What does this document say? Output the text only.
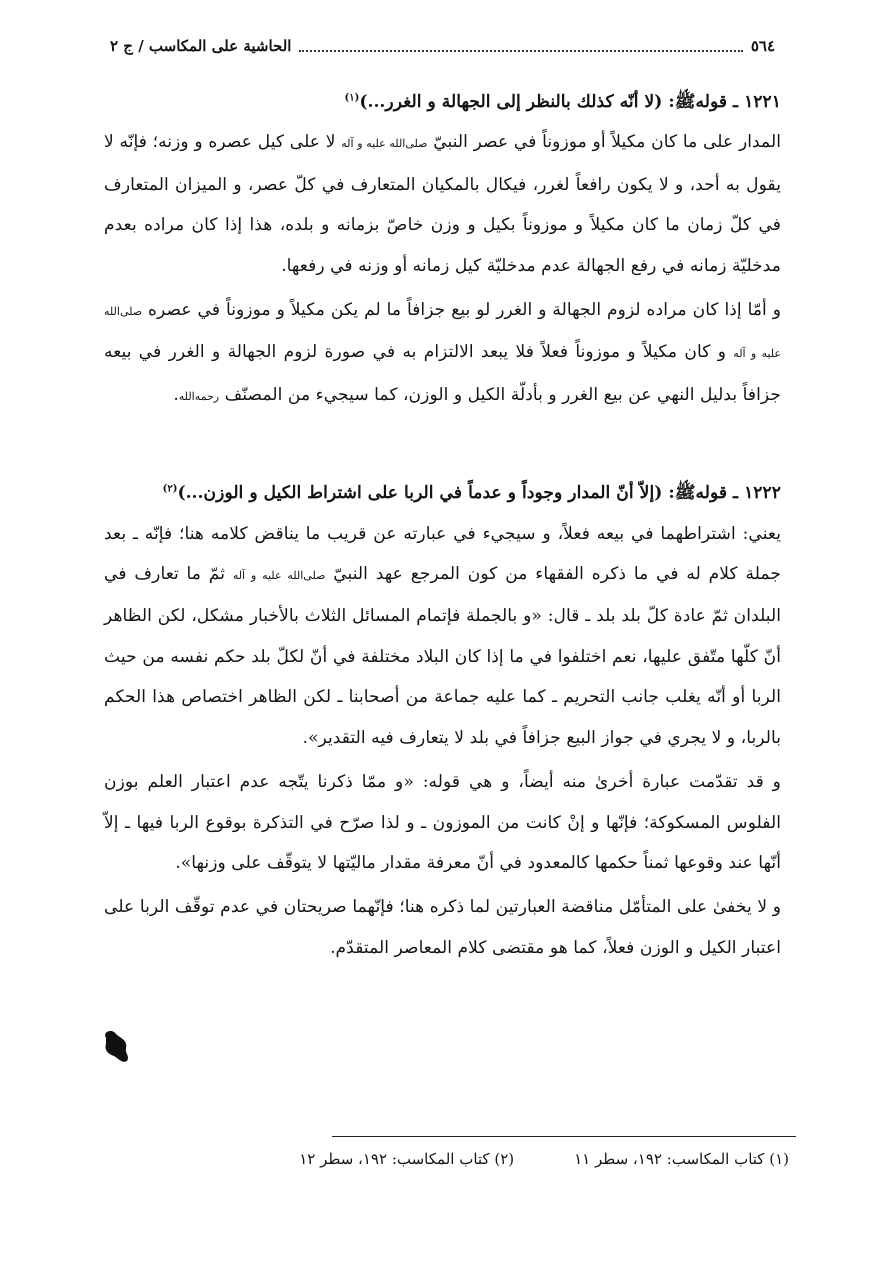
٥٦٤
الحاشية على المكاسب / ج ٢

١٢٢١ ـ قولهﷺ: (لا أنّه كذلك بالنظر إلى الجهالة و الغرر...)$^{(١)}$

المدار على ما كان مكيلاً أو موزوناً في عصر النبيّ صلى‌الله‌ عليه و آله لا على كيل عصره و وزنه؛ فإنّه لا يقول به أحد، و لا يكون رافعاً لغرر، فيكال بالمكيان المتعارف في كلّ عصر، و الميزان المتعارف في كلّ زمان ما كان مكيلاً و موزوناً بكيل و وزن خاصّ بزمانه و بلده، هذا إذا كان مراده بعدم مدخليّة زمانه في رفع الجهالة عدم مدخليّة كيل زمانه أو وزنه في رفعها.

و أمّا إذا كان مراده لزوم الجهالة و الغرر لو بيع جزافاً ما لم يكن مكيلاً و موزوناً في عصره صلى‌الله‌ عليه و آله و كان مكيلاً و موزوناً فعلاً فلا يبعد الالتزام به في صورة لزوم الجهالة و الغرر في بيعه جزافاً بدليل النهي عن بيع الغرر و بأدلّة الكيل و الوزن، كما سيجيء من المصنّف رحمه‌الله.

١٢٢٢ ـ قولهﷺ: (إلاّ أنّ المدار وجوداً و عدماً في الربا على اشتراط الكيل و الوزن...)$^{(٢)}$

يعني: اشتراطهما في بيعه فعلاً، و سيجيء في عبارته عن قريب ما يناقض كلامه هنا؛ فإنّه ـ بعد جملة كلام له في ما ذكره الفقهاء من كون المرجع عهد النبيّ صلى‌الله‌ عليه و آله ثمّ ما تعارف في البلدان ثمّ عادة كلّ بلد بلد ـ قال: «و بالجملة فإتمام المسائل الثلاث بالأخبار مشكل، لكن الظاهر أنّ كلّها متّفق عليها، نعم اختلفوا في ما إذا كان البلاد مختلفة في أنّ لكلّ بلد حكم نفسه من حيث الربا أو أنّه يغلب جانب التحريم ـ كما عليه جماعة من أصحابنا ـ لكن الظاهر اختصاص هذا الحكم بالربا، و لا يجري في جواز البيع جزافاً في بلد لا يتعارف فيه التقدير».

و قد تقدّمت عبارة أخرىٰ منه أيضاً، و هي قوله: «و ممّا ذكرنا يتّجه عدم اعتبار العلم بوزن الفلوس المسكوكة؛ فإنّها و إنْ كانت من الموزون ـ و لذا صرّح في التذكرة بوقوع الربا فيها ـ إلاّ أنّها عند وقوعها ثمناً حكمها كالمعدود في أنّ معرفة مقدار ماليّتها لا يتوقّف على وزنها».

و لا يخفىٰ على المتأمّل مناقضة العبارتين لما ذكره هنا؛ فإنّهما صريحتان في عدم توقّف الربا على اعتبار الكيل و الوزن فعلاً، كما هو مقتضى كلام المعاصر المتقدّم.

(١) كتاب المكاسب: ١٩٢، سطر ١١
(٢) كتاب المكاسب: ١٩٢، سطر ١٢
